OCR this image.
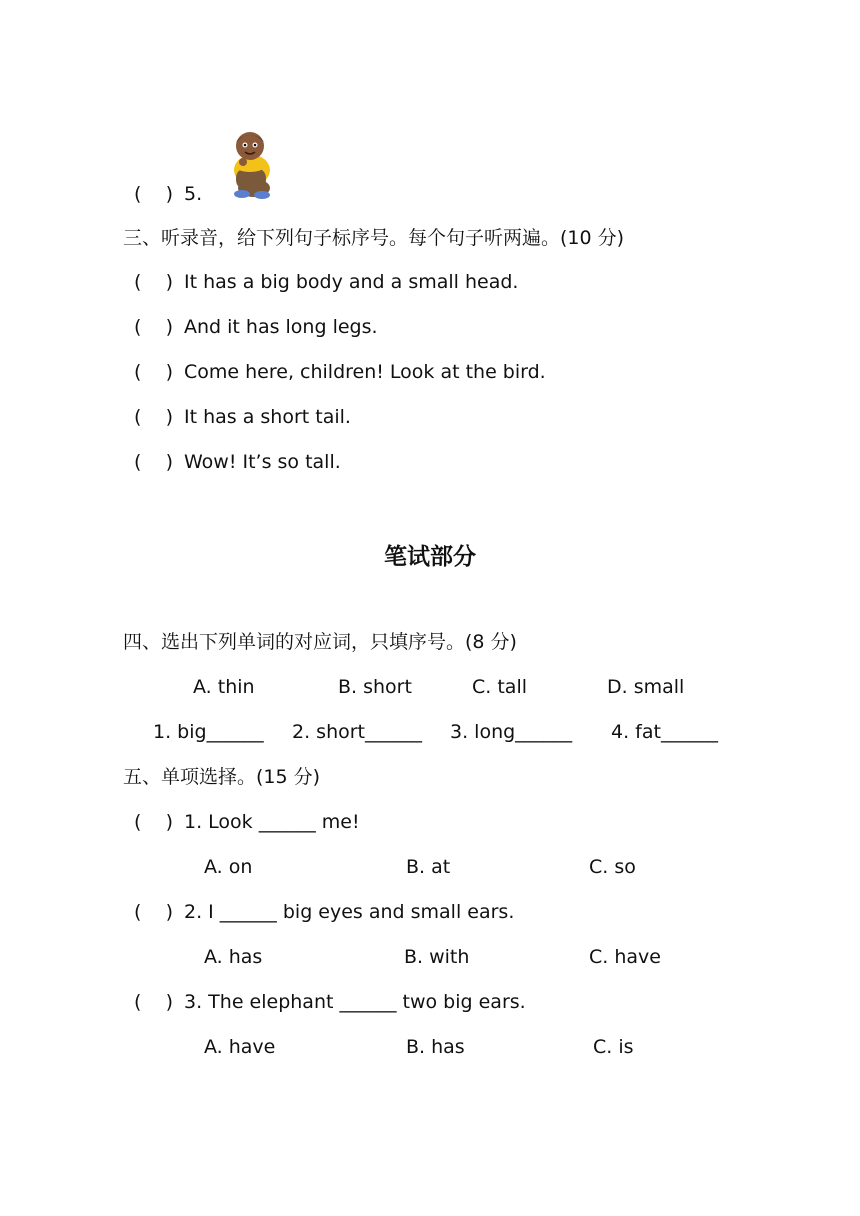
(    ) 5.
三、听录音，给下列句子标序号。每个句子听两遍。(10 分)
(    ) It has a big body and a small head.
(    ) And it has long legs.
(    ) Come here, children! Look at the bird.
(    ) It has a short tail.
(    ) Wow! It’s so tall.
笔试部分
四、选出下列单词的对应词，只填序号。(8 分)
A. thin	B. short	C. tall	D. small
1. big______ 2. short______ 3. long______ 4. fat______
五、单项选择。(15 分)
(    ) 1. Look ______ me!
A. on	B. at	C. so
(    ) 2. I ______ big eyes and small ears.
A. has	B. with	C. have
(    ) 3. The elephant ______ two big ears.
A. have	B. has	C. is
